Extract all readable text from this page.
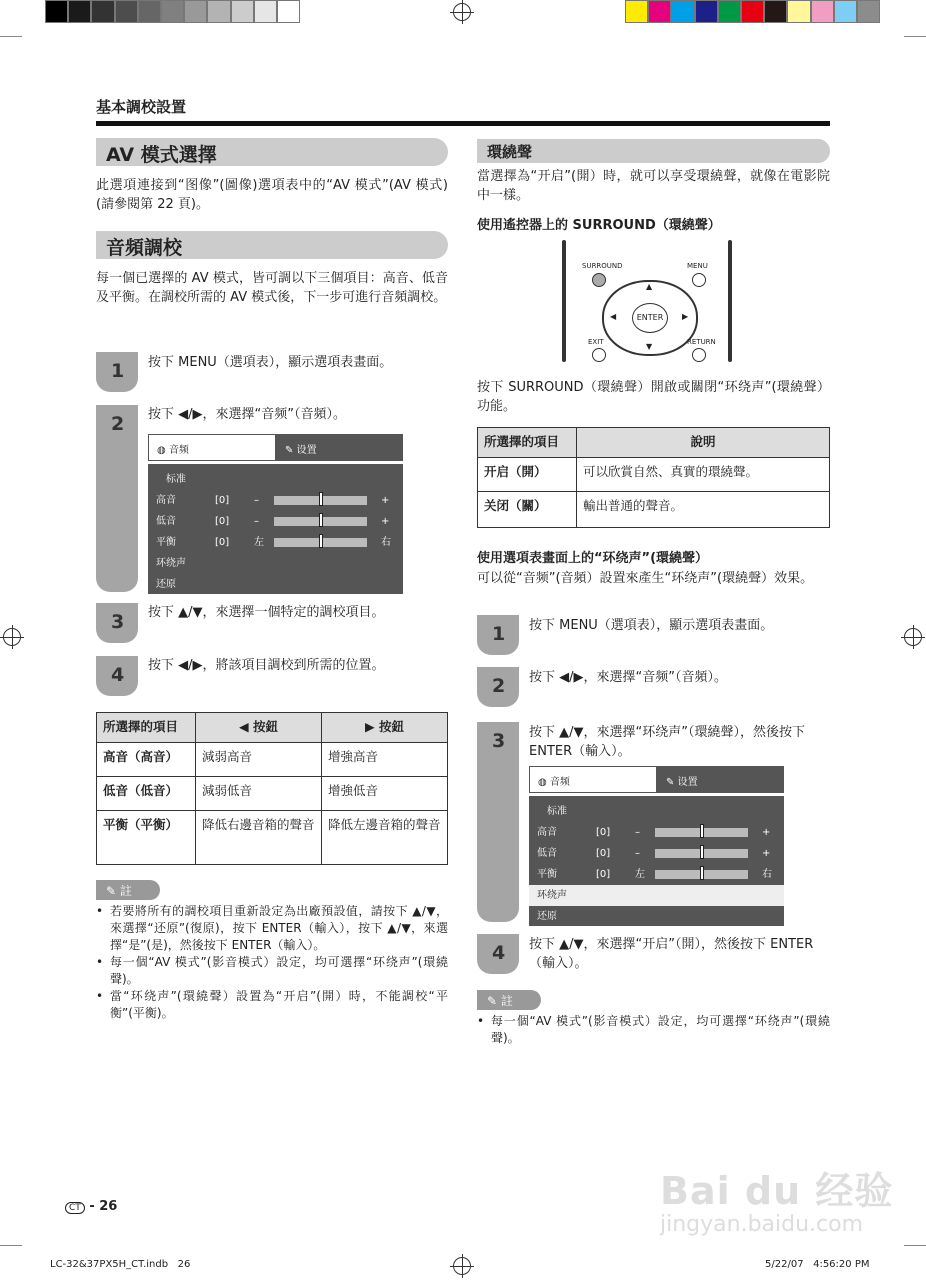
基本調校設置
AV 模式選擇
此選項連接到“图像”(圖像)選項表中的“AV 模式”(AV 模式)(請參閱第 22 頁)。
音頻調校
每一個已選擇的 AV 模式，皆可調以下三個項目：高音、低音及平衡。在調校所需的 AV 模式後，下一步可進行音頻調校。
1 按下 MENU（選項表），顯示選項表畫面。
2 按下 ◀/▶，來選擇“音频”（音頻）。
3 按下 ▲/▼，來選擇一個特定的調校項目。
4 按下 ◀/▶，將該項目調校到所需的位置。
◍ 音频	✎ 设置
标准
高音	[0] –	+
低音	[0] –	+
平衡	[0] 左	右
环绕声
还原
所選擇的項目	◀ 按鈕	▶ 按鈕
高音（高音）	減弱高音	增強高音
低音（低音）	減弱低音	增強低音
平衡（平衡）	降低右邊音箱的聲音	降低左邊音箱的聲音
✎ 註
• 若要將所有的調校項目重新設定為出廠預設值，請按下 ▲/▼，來選擇“还原”(復原)，按下 ENTER（輸入），按下 ▲/▼，來選擇“是”(是)，然後按下 ENTER（輸入）。
• 每一個“AV 模式”(影音模式）設定，均可選擇“环绕声”(環繞聲)。
• 當“环绕声”(環繞聲）設置為“开启”(開）時，不能調校“平衡”(平衡)。
環繞聲
當選擇為“开启”(開）時，就可以享受環繞聲，就像在電影院中一樣。
使用遙控器上的 SURROUND（環繞聲）
SURROUND	MENU
ENTER
▲
▼
◀	▶
EXIT	RETURN
按下 SURROUND（環繞聲）開啟或關閉“环绕声”(環繞聲）功能。
所選擇的項目	說明
开启（開）	可以欣賞自然、真實的環繞聲。
关闭（關）	輸出普通的聲音。
使用選項表畫面上的“环绕声”(環繞聲）
可以從“音频”(音頻）設置來產生“环绕声”(環繞聲）效果。
1 按下 MENU（選項表），顯示選項表畫面。
2 按下 ◀/▶，來選擇“音频”（音頻）。
3 按下 ▲/▼，來選擇“环绕声”（環繞聲），然後按下 ENTER（輸入）。
4 按下 ▲/▼，來選擇“开启”（開），然後按下 ENTER（輸入）。
◍ 音频	✎ 设置
标准
高音	[0] –	+
低音	[0] –	+
平衡	[0] 左	右
环绕声
还原
✎ 註
• 每一個“AV 模式”(影音模式）設定，均可選擇“环绕声”(環繞聲)。
CT - 26	Bai du 经验
jingyan.baidu.com
LC-32&37PX5H_CT.indb   26	5/22/07   4:56:20 PM
